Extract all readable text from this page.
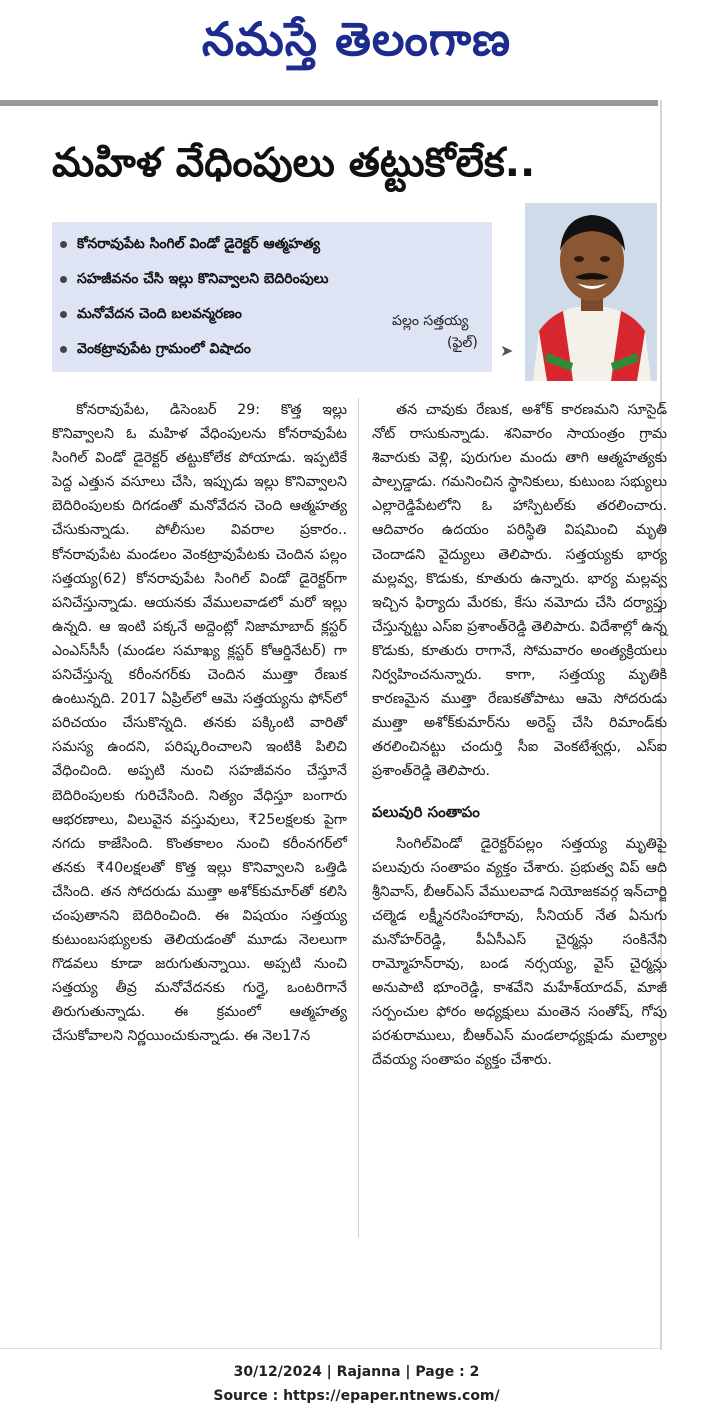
నమస్తే తెలంగాణ
మహిళ వేధింపులు తట్టుకోలేక..
కోనరావుపేట సింగిల్ విండో డైరెక్టర్ ఆత్మహత్య
సహజీవనం చేసి ఇల్లు కొనివ్వాలని బెదిరింపులు
మనోవేదన చెంది బలవన్మరణం
వెంకట్రావుపేట గ్రామంలో విషాదం
పల్లం సత్తయ్య
(ఫైల్)	➤

కోనరావుపేట, డిసెంబర్ 29: కొత్త ఇల్లు కొనివ్వాలని ఓ మహిళ వేధింపులను కోనరావుపేట సింగిల్ విండో డైరెక్టర్ తట్టుకోలేక పోయాడు. ఇప్పటికే పెద్ద ఎత్తున వసూలు చేసి, ఇప్పుడు ఇల్లు కొనివ్వాలని బెదిరింపులకు దిగడంతో మనోవేదన చెంది ఆత్మహత్య చేసుకున్నాడు. పోలీసుల వివరాల ప్రకారం.. కోనరావుపేట మండలం వెంకట్రావుపేటకు చెందిన పల్లం సత్తయ్య(62) కోనరావుపేట సింగిల్ విండో డైరెక్టర్‌గా పనిచేస్తున్నాడు. ఆయనకు వేములవాడలో మరో ఇల్లు ఉన్నది. ఆ ఇంటి పక్కనే అద్దెంట్లో నిజామాబాద్ క్లస్టర్ ఎంఎస్‌సీసీ (మండల సమాఖ్య క్లస్టర్ కోఆర్డినేటర్) గా పనిచేస్తున్న కరీంనగర్‌కు చెందిన ముత్తా రేణుక ఉంటున్నది. 2017 ఏప్రిల్‌లో ఆమె సత్తయ్యను ఫోన్‌లో పరిచయం చేసుకొన్నది. తనకు పక్కింటి వారితో సమస్య ఉందని, పరిష్కరించాలని ఇంటికి పిలిచి వేధించింది. అప్పటి నుంచి సహజీవనం చేస్తూనే బెదిరింపులకు గురిచేసింది. నిత్యం వేధిస్తూ బంగారు ఆభరణాలు, విలువైన వస్తువులు, ₹25లక్షలకు పైగా నగదు కాజేసింది. కొంతకాలం నుంచి కరీంనగర్‌లో తనకు ₹40లక్షలతో కొత్త ఇల్లు కొనివ్వాలని ఒత్తిడి చేసింది. తన సోదరుడు ముత్తా అశోక్‌కుమార్‌తో కలిసి చంపుతానని బెదిరించింది. ఈ విషయం సత్తయ్య కుటుంబసభ్యులకు తెలియడంతో మూడు నెలలుగా గొడవలు కూడా జరుగుతున్నాయి. అప్పటి నుంచి సత్తయ్య తీవ్ర మనోవేదనకు గుర్తై, ఒంటరిగానే తిరుగుతున్నాడు. ఈ క్రమంలో ఆత్మహత్య చేసుకోవాలని నిర్ణయించుకున్నాడు. ఈ నెల17న

తన చావుకు రేణుక, అశోక్ కారణమని సూసైడ్ నోట్ రాసుకున్నాడు. శనివారం సాయంత్రం గ్రామ శివారుకు వెళ్లి, పురుగుల మందు తాగి ఆత్మహత్యకు పాల్పడ్డాడు. గమనించిన స్థానికులు, కుటుంబ సభ్యులు ఎల్లారెడ్డిపేటలోని ఓ హాస్పిటల్‌కు తరలించారు. ఆదివారం ఉదయం పరిస్థితి విషమించి మృతి చెందాడని వైద్యులు తెలిపారు. సత్తయ్యకు భార్య మల్లవ్వ, కొడుకు, కూతురు ఉన్నారు. భార్య మల్లవ్వ ఇచ్చిన ఫిర్యాదు మేరకు, కేసు నమోదు చేసి దర్యాప్తు చేస్తున్నట్టు ఎస్ఐ ప్రశాంత్‌రెడ్డి తెలిపారు. విదేశాల్లో ఉన్న కొడుకు, కూతురు రాగానే, సోమవారం అంత్యక్రియలు నిర్వహించనున్నారు. కాగా, సత్తయ్య మృతికి కారణమైన ముత్తా రేణుకతోపాటు ఆమె సోదరుడు ముత్తా అశోక్‌కుమార్‌ను అరెస్ట్ చేసి రిమాండ్‌కు తరలించినట్టు చందుర్తి సీఐ వెంకటేశ్వర్లు, ఎస్ఐ ప్రశాంత్‌రెడ్డి తెలిపారు.

పలువురి సంతాపం

సింగిల్‌విండో డైరెక్టర్‌పల్లం సత్తయ్య మృతిపై పలువురు సంతాపం వ్యక్తం చేశారు. ప్రభుత్వ విప్ ఆది శ్రీనివాస్, బీఆర్ఎస్ వేములవాడ నియోజకవర్గ ఇన్‌చార్జి చల్మెడ లక్ష్మీనరసింహారావు, సీనియర్ నేత ఏనుగు మనోహర్‌రెడ్డి, పీఏసీఎస్ చైర్మన్లు సంకినేని రామ్మోహన్‌రావు, బండ నర్సయ్య, వైస్ చైర్మన్లు అనుపాటి భూంరెడ్డి, కాశవేని మహేశ్‌యాదవ్, మాజీ సర్పంచుల ఫోరం అధ్యక్షులు మంతెన సంతోష్, గోపు పరశురాములు, బీఆర్ఎస్ మండలాధ్యక్షుడు మల్యాల దేవయ్య సంతాపం వ్యక్తం చేశారు.

30/12/2024 | Rajanna | Page : 2
Source : https://epaper.ntnews.com/
